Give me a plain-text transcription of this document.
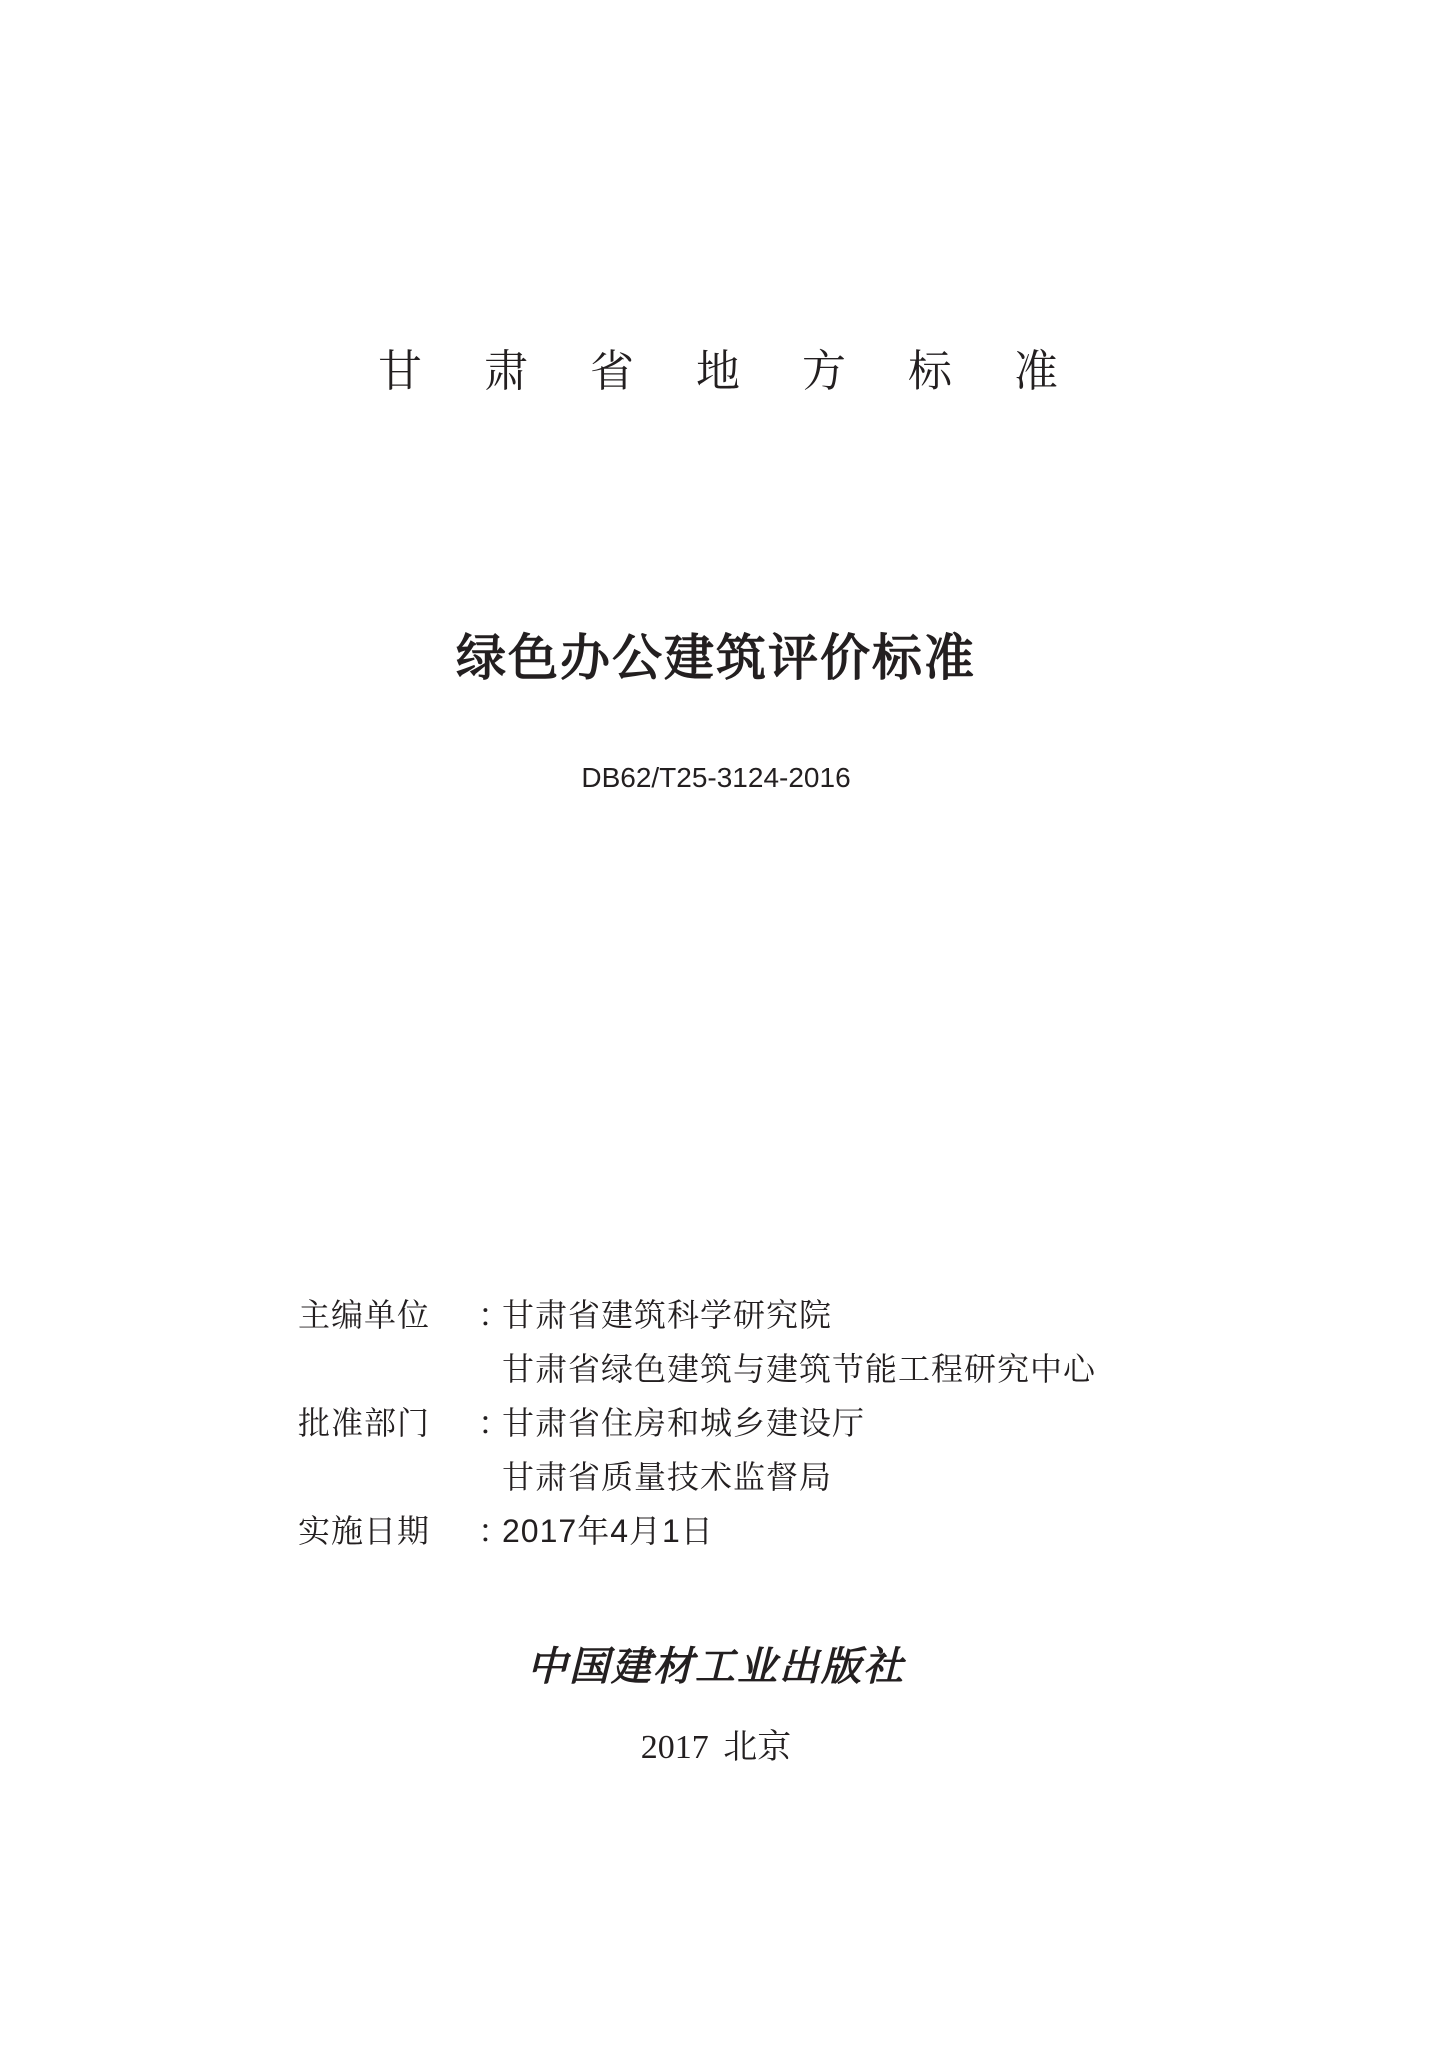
甘 肃 省 地 方 标 准
绿色办公建筑评价标准
DB62/T25-3124-2016
主编单位	：
甘肃省建筑科学研究院
甘肃省绿色建筑与建筑节能工程研究中心
批准部门	：
甘肃省住房和城乡建设厅
甘肃省质量技术监督局
实施日期	：
2017年4月1日
中国建材工业出版社
2017 北京
